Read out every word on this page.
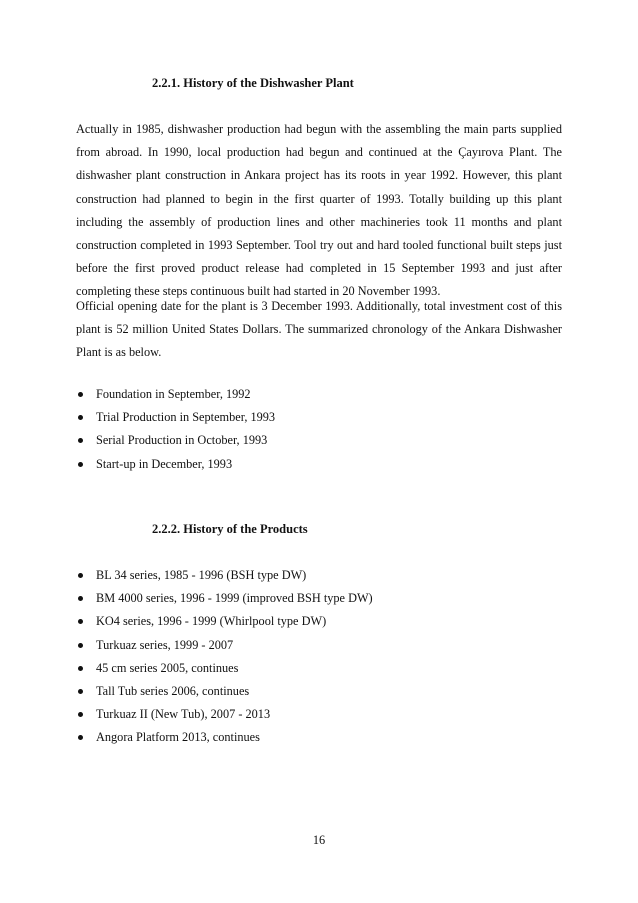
2.2.1. History of the Dishwasher Plant

Actually in 1985, dishwasher production had begun with the assembling the main parts supplied from abroad. In 1990, local production had begun and continued at the Çayırova Plant. The dishwasher plant construction in Ankara project has its roots in year 1992. However, this plant construction had planned to begin in the first quarter of 1993. Totally building up this plant including the assembly of production lines and other machineries took 11 months and plant construction completed in 1993 September. Tool try out and hard tooled functional built steps just before the first proved product release had completed in 15 September 1993 and just after completing these steps continuous built had started in 20 November 1993.

Official opening date for the plant is 3 December 1993. Additionally, total investment cost of this plant is 52 million United States Dollars. The summarized chronology of the Ankara Dishwasher Plant is as below.

Foundation in September, 1992
Trial Production in September, 1993
Serial Production in October, 1993
Start-up in December, 1993
2.2.2. History of the Products
BL 34 series, 1985 - 1996 (BSH type DW)
BM 4000 series, 1996 - 1999 (improved BSH type DW)
KO4 series, 1996 - 1999 (Whirlpool type DW)
Turkuaz series, 1999 - 2007
45 cm series 2005, continues
Tall Tub series 2006, continues
Turkuaz II (New Tub), 2007 - 2013
Angora Platform 2013, continues
16
